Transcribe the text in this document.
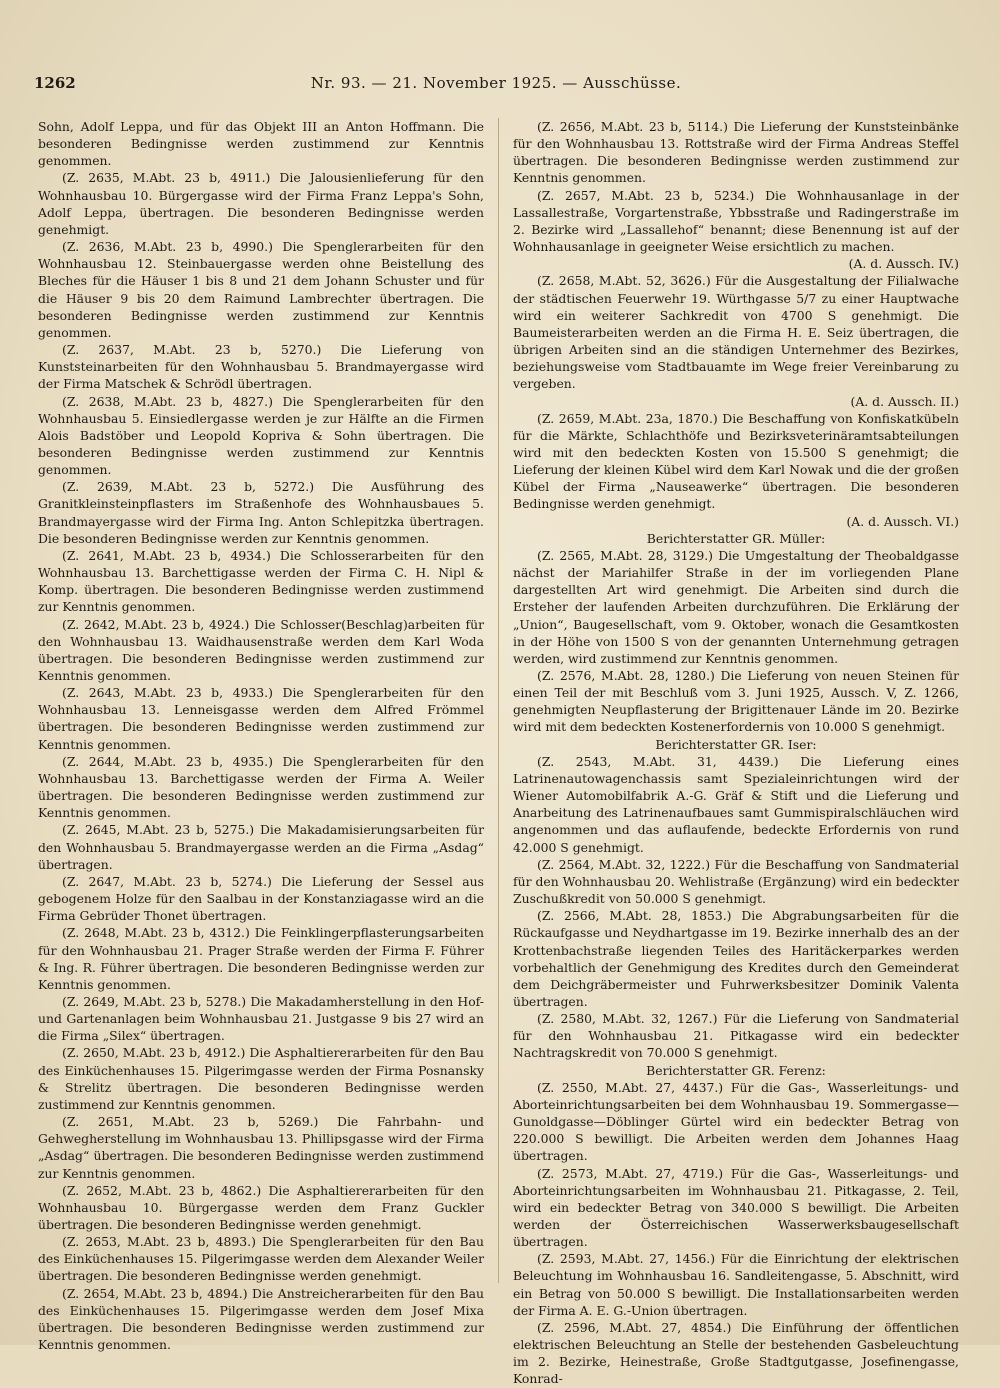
1262	Nr. 93. — 21. November 1925. — Ausschüsse.

Sohn, Adolf Leppa, und für das Objekt III an Anton Hoffmann. Die besonderen Bedingnisse werden zustimmend zur Kenntnis genommen.

(Z. 2635, M.Abt. 23 b, 4911.) Die Jalousienlieferung für den Wohnhausbau 10. Bürgergasse wird der Firma Franz Leppa's Sohn, Adolf Leppa, übertragen. Die besonderen Bedingnisse werden genehmigt.

(Z. 2636, M.Abt. 23 b, 4990.) Die Spenglerarbeiten für den Wohnhausbau 12. Steinbauergasse werden ohne Beistellung des Bleches für die Häuser 1 bis 8 und 21 dem Johann Schuster und für die Häuser 9 bis 20 dem Raimund Lambrechter übertragen. Die besonderen Bedingnisse werden zustimmend zur Kenntnis genommen.

(Z. 2637, M.Abt. 23 b, 5270.) Die Lieferung von Kunststeinarbeiten für den Wohnhausbau 5. Brandmayergasse wird der Firma Matschek & Schrödl übertragen.

(Z. 2638, M.Abt. 23 b, 4827.) Die Spenglerarbeiten für den Wohnhausbau 5. Einsiedlergasse werden je zur Hälfte an die Firmen Alois Badstöber und Leopold Kopriva & Sohn übertragen. Die besonderen Bedingnisse werden zustimmend zur Kenntnis genommen.

(Z. 2639, M.Abt. 23 b, 5272.) Die Ausführung des Granitkleinsteinpflasters im Straßenhofe des Wohnhausbaues 5. Brandmayergasse wird der Firma Ing. Anton Schlepitzka übertragen. Die besonderen Bedingnisse werden zur Kenntnis genommen.

(Z. 2641, M.Abt. 23 b, 4934.) Die Schlosserarbeiten für den Wohnhausbau 13. Barchettigasse werden der Firma C. H. Nipl & Komp. übertragen. Die besonderen Bedingnisse werden zustimmend zur Kenntnis genommen.

(Z. 2642, M.Abt. 23 b, 4924.) Die Schlosser(Beschlag)arbeiten für den Wohnhausbau 13. Waidhausenstraße werden dem Karl Woda übertragen. Die besonderen Bedingnisse werden zustimmend zur Kenntnis genommen.

(Z. 2643, M.Abt. 23 b, 4933.) Die Spenglerarbeiten für den Wohnhausbau 13. Lenneisgasse werden dem Alfred Frömmel übertragen. Die besonderen Bedingnisse werden zustimmend zur Kenntnis genommen.

(Z. 2644, M.Abt. 23 b, 4935.) Die Spenglerarbeiten für den Wohnhausbau 13. Barchettigasse werden der Firma A. Weiler übertragen. Die besonderen Bedingnisse werden zustimmend zur Kenntnis genommen.

(Z. 2645, M.Abt. 23 b, 5275.) Die Makadamisierungsarbeiten für den Wohnhausbau 5. Brandmayergasse werden an die Firma „Asdag“ übertragen.

(Z. 2647, M.Abt. 23 b, 5274.) Die Lieferung der Sessel aus gebogenem Holze für den Saalbau in der Konstanziagasse wird an die Firma Gebrüder Thonet übertragen.

(Z. 2648, M.Abt. 23 b, 4312.) Die Feinklingerpflasterungsarbeiten für den Wohnhausbau 21. Prager Straße werden der Firma F. Führer & Ing. R. Führer übertragen. Die besonderen Bedingnisse werden zur Kenntnis genommen.

(Z. 2649, M.Abt. 23 b, 5278.) Die Makadamherstellung in den Hof- und Gartenanlagen beim Wohnhausbau 21. Justgasse 9 bis 27 wird an die Firma „Silex“ übertragen.

(Z. 2650, M.Abt. 23 b, 4912.) Die Asphaltiererarbeiten für den Bau des Einküchenhauses 15. Pilgerimgasse werden der Firma Posnansky & Strelitz übertragen. Die besonderen Bedingnisse werden zustimmend zur Kenntnis genommen.

(Z. 2651, M.Abt. 23 b, 5269.) Die Fahrbahn- und Gehwegherstellung im Wohnhausbau 13. Phillipsgasse wird der Firma „Asdag“ übertragen. Die besonderen Bedingnisse werden zustimmend zur Kenntnis genommen.

(Z. 2652, M.Abt. 23 b, 4862.) Die Asphaltiererarbeiten für den Wohnhausbau 10. Bürgergasse werden dem Franz Guckler übertragen. Die besonderen Bedingnisse werden genehmigt.

(Z. 2653, M.Abt. 23 b, 4893.) Die Spenglerarbeiten für den Bau des Einküchenhauses 15. Pilgerimgasse werden dem Alexander Weiler übertragen. Die besonderen Bedingnisse werden genehmigt.

(Z. 2654, M.Abt. 23 b, 4894.) Die Anstreicherarbeiten für den Bau des Einküchenhauses 15. Pilgerimgasse werden dem Josef Mixa übertragen. Die besonderen Bedingnisse werden zustimmend zur Kenntnis genommen.

(Z. 2656, M.Abt. 23 b, 5114.) Die Lieferung der Kunststeinbänke für den Wohnhausbau 13. Rottstraße wird der Firma Andreas Steffel übertragen. Die besonderen Bedingnisse werden zustimmend zur Kenntnis genommen.

(Z. 2657, M.Abt. 23 b, 5234.) Die Wohnhausanlage in der Lassallestraße, Vorgartenstraße, Ybbsstraße und Radingerstraße im 2. Bezirke wird „Lassallehof“ benannt; diese Benennung ist auf der Wohnhausanlage in geeigneter Weise ersichtlich zu machen.

(A. d. Aussch. IV.)

(Z. 2658, M.Abt. 52, 3626.) Für die Ausgestaltung der Filialwache der städtischen Feuerwehr 19. Würthgasse 5/7 zu einer Hauptwache wird ein weiterer Sachkredit von 4700 S genehmigt. Die Baumeisterarbeiten werden an die Firma H. E. Seiz übertragen, die übrigen Arbeiten sind an die ständigen Unternehmer des Bezirkes, beziehungsweise vom Stadtbauamte im Wege freier Vereinbarung zu vergeben.

(A. d. Aussch. II.)

(Z. 2659, M.Abt. 23a, 1870.) Die Beschaffung von Konfiskatkübeln für die Märkte, Schlachthöfe und Bezirksveterinäramtsabteilungen wird mit den bedeckten Kosten von 15.500 S genehmigt; die Lieferung der kleinen Kübel wird dem Karl Nowak und die der großen Kübel der Firma „Nauseawerke“ übertragen. Die besonderen Bedingnisse werden genehmigt.

(A. d. Aussch. VI.)

Berichterstatter GR. Müller:

(Z. 2565, M.Abt. 28, 3129.) Die Umgestaltung der Theobaldgasse nächst der Mariahilfer Straße in der im vorliegenden Plane dargestellten Art wird genehmigt. Die Arbeiten sind durch die Ersteher der laufenden Arbeiten durchzuführen. Die Erklärung der „Union“, Baugesellschaft, vom 9. Oktober, wonach die Gesamtkosten in der Höhe von 1500 S von der genannten Unternehmung getragen werden, wird zustimmend zur Kenntnis genommen.

(Z. 2576, M.Abt. 28, 1280.) Die Lieferung von neuen Steinen für einen Teil der mit Beschluß vom 3. Juni 1925, Aussch. V, Z. 1266, genehmigten Neupflasterung der Brigittenauer Lände im 20. Bezirke wird mit dem bedeckten Kostenerfordernis von 10.000 S genehmigt.

Berichterstatter GR. Iser:

(Z. 2543, M.Abt. 31, 4439.) Die Lieferung eines Latrinenautowagenchassis samt Spezialeinrichtungen wird der Wiener Automobilfabrik A.-G. Gräf & Stift und die Lieferung und Anarbeitung des Latrinenaufbaues samt Gummispiralschläuchen wird angenommen und das auflaufende, bedeckte Erfordernis von rund 42.000 S genehmigt.

(Z. 2564, M.Abt. 32, 1222.) Für die Beschaffung von Sandmaterial für den Wohnhausbau 20. Wehlistraße (Ergänzung) wird ein bedeckter Zuschußkredit von 50.000 S genehmigt.

(Z. 2566, M.Abt. 28, 1853.) Die Abgrabungsarbeiten für die Rückaufgasse und Neydhartgasse im 19. Bezirke innerhalb des an der Krottenbachstraße liegenden Teiles des Haritäckerparkes werden vorbehaltlich der Genehmigung des Kredites durch den Gemeinderat dem Deichgräbermeister und Fuhrwerksbesitzer Dominik Valenta übertragen.

(Z. 2580, M.Abt. 32, 1267.) Für die Lieferung von Sandmaterial für den Wohnhausbau 21. Pitkagasse wird ein bedeckter Nachtragskredit von 70.000 S genehmigt.

Berichterstatter GR. Ferenz:

(Z. 2550, M.Abt. 27, 4437.) Für die Gas-, Wasserleitungs- und Aborteinrichtungsarbeiten bei dem Wohnhausbau 19. Sommergasse—Gunoldgasse—Döblinger Gürtel wird ein bedeckter Betrag von 220.000 S bewilligt. Die Arbeiten werden dem Johannes Haag übertragen.

(Z. 2573, M.Abt. 27, 4719.) Für die Gas-, Wasserleitungs- und Aborteinrichtungsarbeiten im Wohnhausbau 21. Pitkagasse, 2. Teil, wird ein bedeckter Betrag von 340.000 S bewilligt. Die Arbeiten werden der Österreichischen Wasserwerksbaugesellschaft übertragen.

(Z. 2593, M.Abt. 27, 1456.) Für die Einrichtung der elektrischen Beleuchtung im Wohnhausbau 16. Sandleitengasse, 5. Abschnitt, wird ein Betrag von 50.000 S bewilligt. Die Installationsarbeiten werden der Firma A. E. G.-Union übertragen.

(Z. 2596, M.Abt. 27, 4854.) Die Einführung der öffentlichen elektrischen Beleuchtung an Stelle der bestehenden Gasbeleuchtung im 2. Bezirke, Heinestraße, Große Stadtgutgasse, Josefinengasse, Konrad-
